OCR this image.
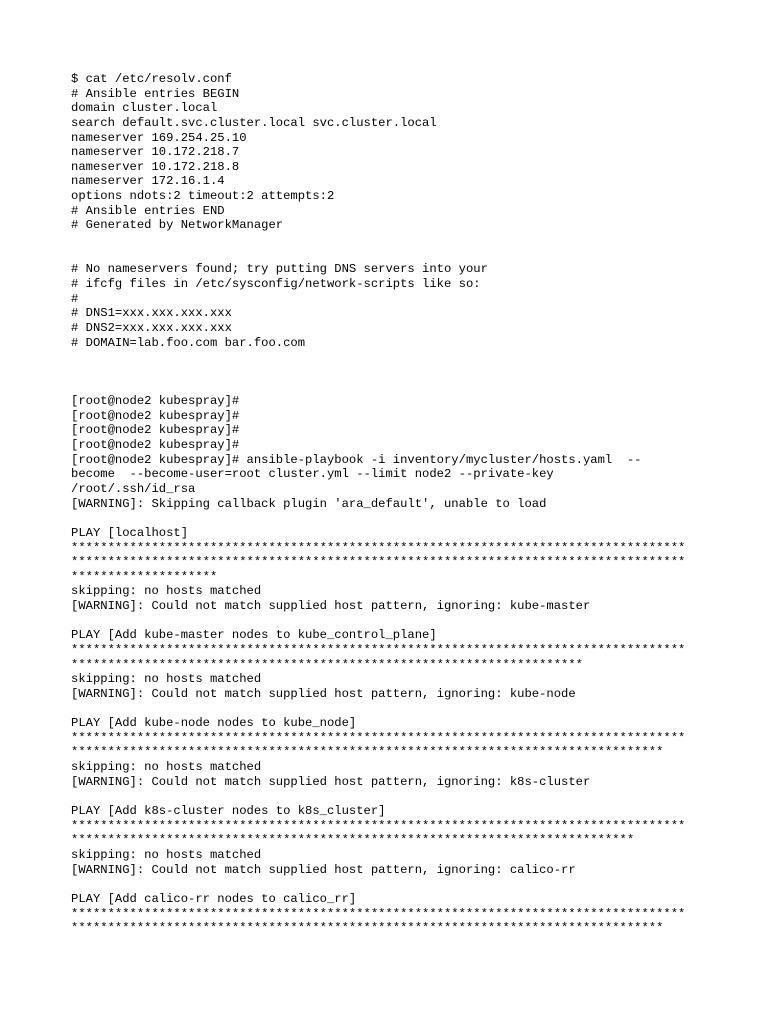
$ cat /etc/resolv.conf
# Ansible entries BEGIN
domain cluster.local
search default.svc.cluster.local svc.cluster.local
nameserver 169.254.25.10
nameserver 10.172.218.7
nameserver 10.172.218.8
nameserver 172.16.1.4
options ndots:2 timeout:2 attempts:2
# Ansible entries END
# Generated by NetworkManager
# No nameservers found; try putting DNS servers into your
# ifcfg files in /etc/sysconfig/network-scripts like so:
#
# DNS1=xxx.xxx.xxx.xxx
# DNS2=xxx.xxx.xxx.xxx
# DOMAIN=lab.foo.com bar.foo.com
[root@node2 kubespray]#
[root@node2 kubespray]#
[root@node2 kubespray]#
[root@node2 kubespray]#
[root@node2 kubespray]# ansible-playbook -i inventory/mycluster/hosts.yaml  --
become  --become-user=root cluster.yml --limit node2 --private-key
/root/.ssh/id_rsa
[WARNING]: Skipping callback plugin 'ara_default', unable to load
PLAY [localhost]
************************************************************************************
************************************************************************************
********************
skipping: no hosts matched
[WARNING]: Could not match supplied host pattern, ignoring: kube-master
PLAY [Add kube-master nodes to kube_control_plane]
************************************************************************************
**********************************************************************
skipping: no hosts matched
[WARNING]: Could not match supplied host pattern, ignoring: kube-node
PLAY [Add kube-node nodes to kube_node]
************************************************************************************
*********************************************************************************
skipping: no hosts matched
[WARNING]: Could not match supplied host pattern, ignoring: k8s-cluster
PLAY [Add k8s-cluster nodes to k8s_cluster]
************************************************************************************
*****************************************************************************
skipping: no hosts matched
[WARNING]: Could not match supplied host pattern, ignoring: calico-rr
PLAY [Add calico-rr nodes to calico_rr]
************************************************************************************
*********************************************************************************
